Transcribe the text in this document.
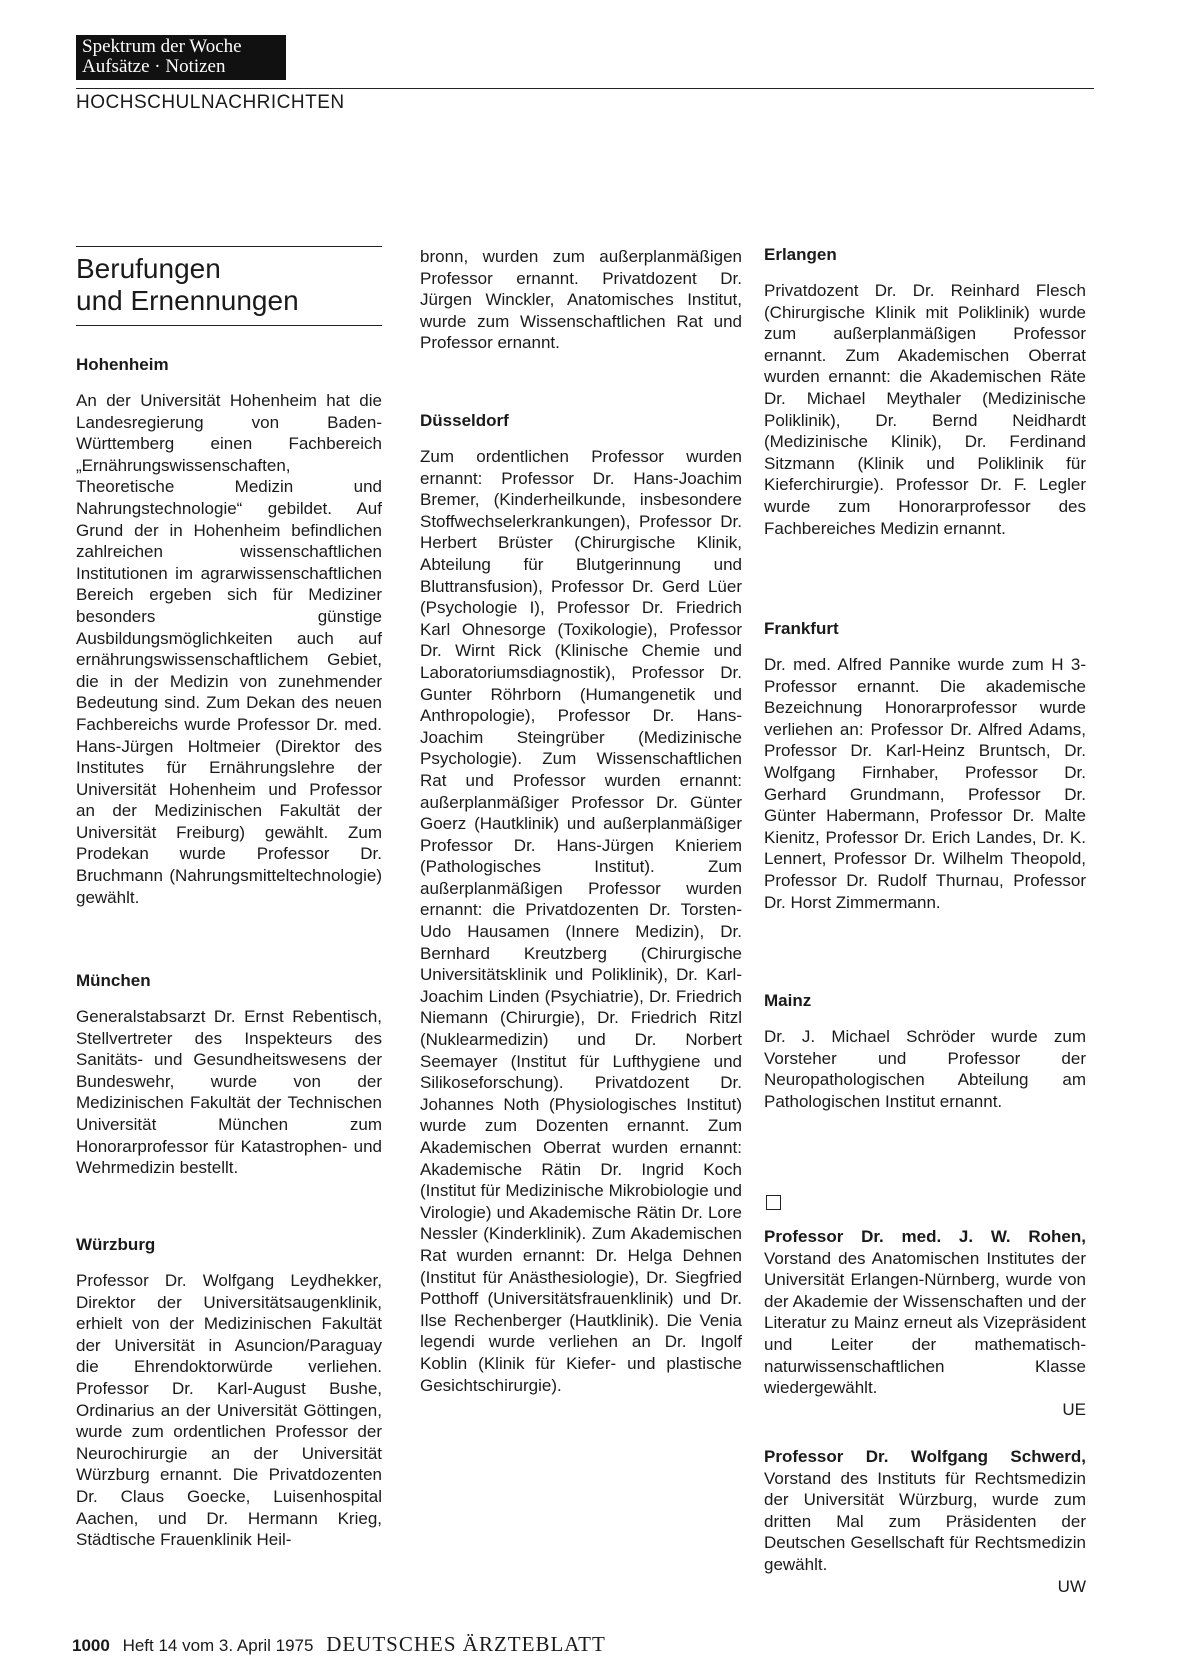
Spektrum der Woche
Aufsätze · Notizen
HOCHSCHULNACHRICHTEN
Berufungen
und Ernennungen
Hohenheim

An der Universität Hohenheim hat die Landesregierung von Baden-Württemberg einen Fachbereich „Ernährungswissenschaften, Theoretische Medizin und Nahrungstechnologie“ gebildet. Auf Grund der in Hohenheim befindlichen zahlreichen wissenschaftlichen Institutionen im agrarwissenschaftlichen Bereich ergeben sich für Mediziner besonders günstige Ausbildungsmöglichkeiten auch auf ernährungswissenschaftlichem Gebiet, die in der Medizin von zunehmender Bedeutung sind. Zum Dekan des neuen Fachbereichs wurde Professor Dr. med. Hans-Jürgen Holtmeier (Direktor des Institutes für Ernährungslehre der Universität Hohenheim und Professor an der Medizinischen Fakultät der Universität Freiburg) gewählt. Zum Prodekan wurde Professor Dr. Bruchmann (Nahrungsmitteltechnologie) gewählt.

München

Generalstabsarzt Dr. Ernst Rebentisch, Stellvertreter des Inspekteurs des Sanitäts- und Gesundheitswesens der Bundeswehr, wurde von der Medizinischen Fakultät der Technischen Universität München zum Honorarprofessor für Katastrophen- und Wehrmedizin bestellt.

Würzburg

Professor Dr. Wolfgang Leydhekker, Direktor der Universitätsaugenklinik, erhielt von der Medizinischen Fakultät der Universität in Asuncion/Paraguay die Ehrendoktorwürde verliehen. Professor Dr. Karl-August Bushe, Ordinarius an der Universität Göttingen, wurde zum ordentlichen Professor der Neurochirurgie an der Universität Würzburg ernannt. Die Privatdozenten Dr. Claus Goecke, Luisenhospital Aachen, und Dr. Hermann Krieg, Städtische Frauenklinik Heil-

bronn, wurden zum außerplanmäßigen Professor ernannt. Privatdozent Dr. Jürgen Winckler, Anatomisches Institut, wurde zum Wissenschaftlichen Rat und Professor ernannt.

Düsseldorf

Zum ordentlichen Professor wurden ernannt: Professor Dr. Hans-Joachim Bremer, (Kinderheilkunde, insbesondere Stoffwechselerkrankungen), Professor Dr. Herbert Brüster (Chirurgische Klinik, Abteilung für Blutgerinnung und Bluttransfusion), Professor Dr. Gerd Lüer (Psychologie I), Professor Dr. Friedrich Karl Ohnesorge (Toxikologie), Professor Dr. Wirnt Rick (Klinische Chemie und Laboratoriumsdiagnostik), Professor Dr. Gunter Röhrborn (Humangenetik und Anthropologie), Professor Dr. Hans-Joachim Steingrüber (Medizinische Psychologie). Zum Wissenschaftlichen Rat und Professor wurden ernannt: außerplanmäßiger Professor Dr. Günter Goerz (Hautklinik) und außerplanmäßiger Professor Dr. Hans-Jürgen Knieriem (Pathologisches Institut). Zum außerplanmäßigen Professor wurden ernannt: die Privatdozenten Dr. Torsten-Udo Hausamen (Innere Medizin), Dr. Bernhard Kreutzberg (Chirurgische Universitätsklinik und Poliklinik), Dr. Karl-Joachim Linden (Psychiatrie), Dr. Friedrich Niemann (Chirurgie), Dr. Friedrich Ritzl (Nuklearmedizin) und Dr. Norbert Seemayer (Institut für Lufthygiene und Silikoseforschung). Privatdozent Dr. Johannes Noth (Physiologisches Institut) wurde zum Dozenten ernannt. Zum Akademischen Oberrat wurden ernannt: Akademische Rätin Dr. Ingrid Koch (Institut für Medizinische Mikrobiologie und Virologie) und Akademische Rätin Dr. Lore Nessler (Kinderklinik). Zum Akademischen Rat wurden ernannt: Dr. Helga Dehnen (Institut für Anästhesiologie), Dr. Siegfried Potthoff (Universitätsfrauenklinik) und Dr. Ilse Rechenberger (Hautklinik). Die Venia legendi wurde verliehen an Dr. Ingolf Koblin (Klinik für Kiefer- und plastische Gesichtschirurgie).

Erlangen

Privatdozent Dr. Dr. Reinhard Flesch (Chirurgische Klinik mit Poliklinik) wurde zum außerplanmäßigen Professor ernannt. Zum Akademischen Oberrat wurden ernannt: die Akademischen Räte Dr. Michael Meythaler (Medizinische Poliklinik), Dr. Bernd Neidhardt (Medizinische Klinik), Dr. Ferdinand Sitzmann (Klinik und Poliklinik für Kieferchirurgie). Professor Dr. F. Legler wurde zum Honorarprofessor des Fachbereiches Medizin ernannt.

Frankfurt

Dr. med. Alfred Pannike wurde zum H 3-Professor ernannt. Die akademische Bezeichnung Honorarprofessor wurde verliehen an: Professor Dr. Alfred Adams, Professor Dr. Karl-Heinz Bruntsch, Dr. Wolfgang Firnhaber, Professor Dr. Gerhard Grundmann, Professor Dr. Günter Habermann, Professor Dr. Malte Kienitz, Professor Dr. Erich Landes, Dr. K. Lennert, Professor Dr. Wilhelm Theopold, Professor Dr. Rudolf Thurnau, Professor Dr. Horst Zimmermann.

Mainz

Dr. J. Michael Schröder wurde zum Vorsteher und Professor der Neuropathologischen Abteilung am Pathologischen Institut ernannt.

Professor Dr. med. J. W. Rohen, Vorstand des Anatomischen Institutes der Universität Erlangen-Nürnberg, wurde von der Akademie der Wissenschaften und der Literatur zu Mainz erneut als Vizepräsident und Leiter der mathematisch-naturwissenschaftlichen Klasse wiedergewählt.
UE

Professor Dr. Wolfgang Schwerd, Vorstand des Instituts für Rechtsmedizin der Universität Würzburg, wurde zum dritten Mal zum Präsidenten der Deutschen Gesellschaft für Rechtsmedizin gewählt.
UW

1000 Heft 14 vom 3. April 1975 DEUTSCHES ÄRZTEBLATT
